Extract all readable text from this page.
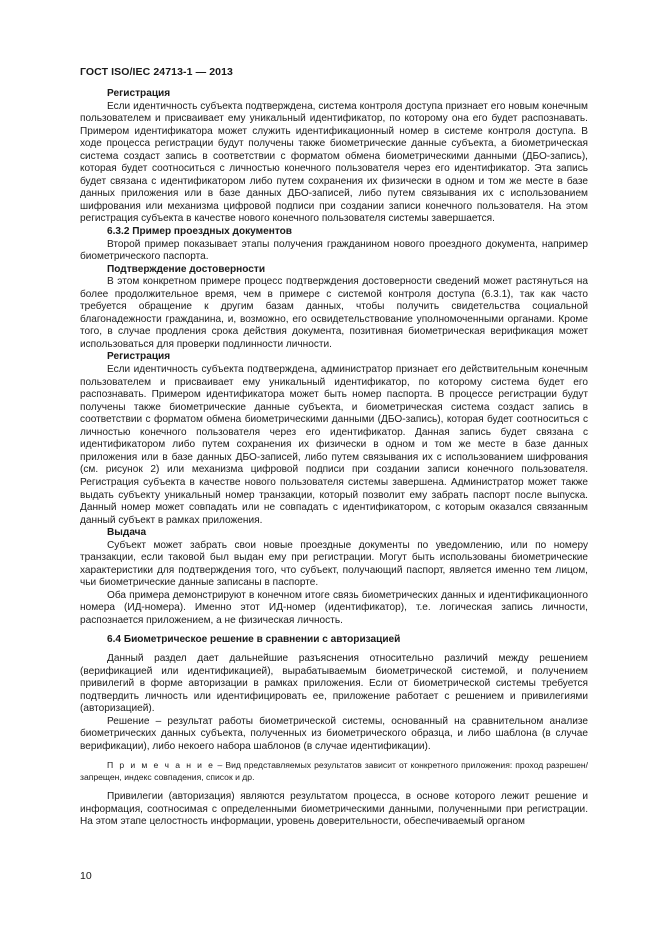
ГОСТ ISO/IEC 24713-1 — 2013

Регистрация

Если идентичность субъекта подтверждена, система контроля доступа признает его новым конечным пользователем и присваивает ему уникальный идентификатор, по которому она его будет распознавать. Примером идентификатора может служить идентификационный номер в системе контроля доступа. В ходе процесса регистрации будут получены также биометрические данные субъекта, а биометрическая система создаст запись в соответствии с форматом обмена биометрическими данными (ДБО-запись), которая будет соотноситься с личностью конечного пользователя через его идентификатор. Эта запись будет связана с идентификатором либо путем сохранения их физически в одном и том же месте в базе данных приложения или в базе данных ДБО-записей, либо путем связывания их с использованием шифрования или механизма цифровой подписи при создании записи конечного пользователя. На этом регистрация субъекта в качестве нового конечного пользователя системы завершается.

6.3.2 Пример проездных документов

Второй пример показывает этапы получения гражданином нового проездного документа, например биометрического паспорта.

Подтверждение достоверности

В этом конкретном примере процесс подтверждения достоверности сведений может растянуться на более продолжительное время, чем в примере с системой контроля доступа (6.3.1), так как часто требуется обращение к другим базам данных, чтобы получить свидетельства социальной благонадежности гражданина, и, возможно, его освидетельствование уполномоченными органами. Кроме того, в случае продления срока действия документа, позитивная биометрическая верификация может использоваться для проверки подлинности личности.

Регистрация

Если идентичность субъекта подтверждена, администратор признает его действительным конечным пользователем и присваивает ему уникальный идентификатор, по которому система будет его распознавать. Примером идентификатора может быть номер паспорта. В процессе регистрации будут получены также биометрические данные субъекта, и биометрическая система создаст запись в соответствии с форматом обмена биометрическими данными (ДБО-запись), которая будет соотноситься с личностью конечного пользователя через его идентификатор. Данная запись будет связана с идентификатором либо путем сохранения их физически в одном и том же месте в базе данных приложения или в базе данных ДБО-записей, либо путем связывания их с использованием шифрования (см. рисунок 2) или механизма цифровой подписи при создании записи конечного пользователя. Регистрация субъекта в качестве нового пользователя системы завершена. Администратор может также выдать субъекту уникальный номер транзакции, который позволит ему забрать паспорт после выпуска. Данный номер может совпадать или не совпадать с идентификатором, с которым оказался связанным данный субъект в рамках приложения.

Выдача

Субъект может забрать свои новые проездные документы по уведомлению, или по номеру транзакции, если таковой был выдан ему при регистрации. Могут быть использованы биометрические характеристики для подтверждения того, что субъект, получающий паспорт, является именно тем лицом, чьи биометрические данные записаны в паспорте.

Оба примера демонстрируют в конечном итоге связь биометрических данных и идентификационного номера (ИД-номера). Именно этот ИД-номер (идентификатор), т.е. логическая запись личности, распознается приложением, а не физическая личность.

6.4 Биометрическое решение в сравнении с авторизацией

Данный раздел дает дальнейшие разъяснения относительно различий между решением (верификацией или идентификацией), вырабатываемым биометрической системой, и получением привилегий в форме авторизации в рамках приложения. Если от биометрической системы требуется подтвердить личность или идентифицировать ее, приложение работает с решением и привилегиями (авторизацией).

Решение – результат работы биометрической системы, основанный на сравнительном анализе биометрических данных субъекта, полученных из биометрического образца, и либо шаблона (в случае верификации), либо некоего набора шаблонов (в случае идентификации).

П р и м е ч а н и е – Вид представляемых результатов зависит от конкретного приложения: проход разрешен/запрещен, индекс совпадения, список и др.

Привилегии (авторизация) являются результатом процесса, в основе которого лежит решение и информация, соотносимая с определенными биометрическими данными, полученными при регистрации. На этом этапе целостность информации, уровень доверительности, обеспечиваемый органом

10
